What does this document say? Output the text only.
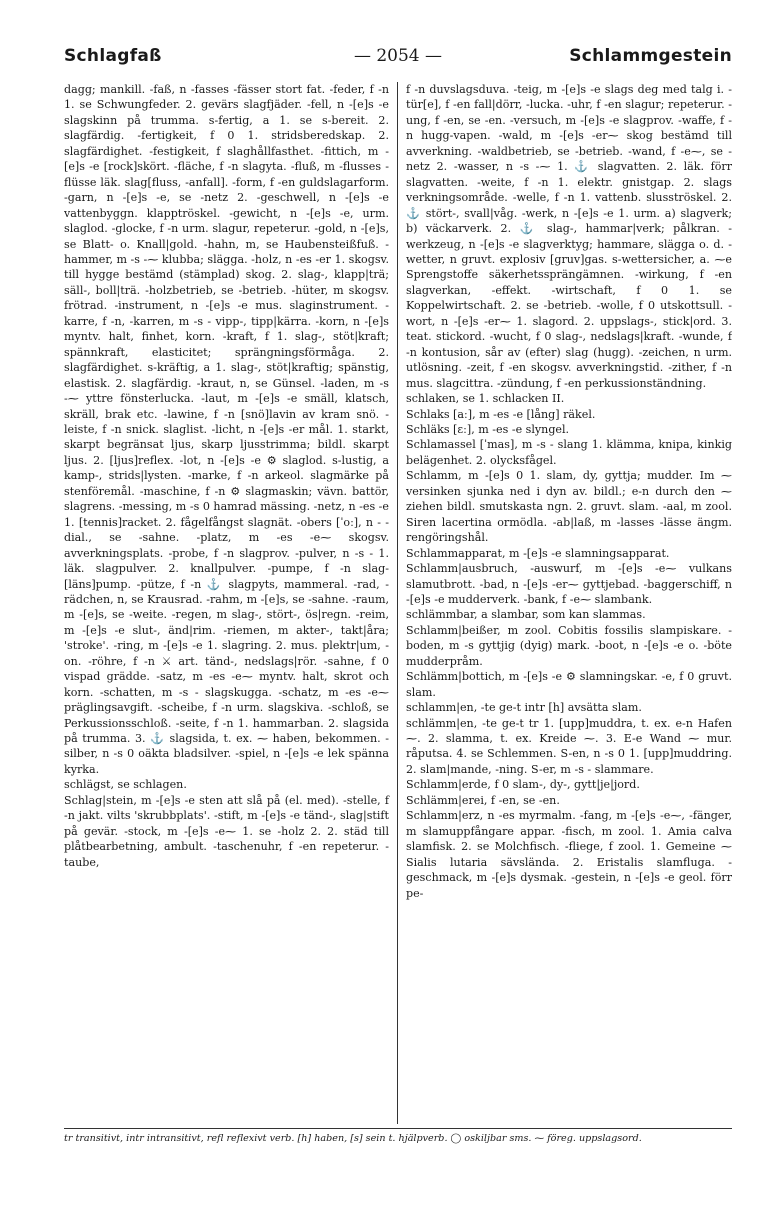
Schlagfaß	— 2054 —	Schlammgestein

dagg; mankill. -faß, n -fasses -fässer stort fat. -feder, f -n 1. se Schwungfeder. 2. gevärs slagfjäder. -fell, n -[e]s -e slagskinn på trumma. s-fertig, a 1. se s-bereit. 2. slagfärdig. -fertigkeit, f 0 1. stridsberedskap. 2. slagfärdighet. -festigkeit, f slaghållfasthet. -fittich, m -[e]s -e [rock]skört. -fläche, f -n slagyta. -fluß, m -flusses -flüsse läk. slag[fluss, -anfall]. -form, f -en guldslagarform. -garn, n -[e]s -e, se -netz 2. -geschwell, n -[e]s -e vattenbyggn. klapptröskel. -gewicht, n -[e]s -e, urm. slaglod. -glocke, f -n urm. slagur, repeterur. -gold, n -[e]s, se Blatt- o. Knall|gold. -hahn, m, se Haubensteißfuß. -hammer, m -s -⁓ klubba; slägga. -holz, n -es -er 1. skogsv. till hygge bestämd (stämplad) skog. 2. slag-, klapp|trä; säll-, boll|trä. -holzbetrieb, se -betrieb. -hüter, m skogsv. frötrad. -instrument, n -[e]s -e mus. slaginstrument. -karre, f -n, -karren, m -s - vipp-, tipp|kärra. -korn, n -[e]s myntv. halt, finhet, korn. -kraft, f 1. slag-, stöt|kraft; spännkraft, elasticitet; sprängningsförmåga. 2. slagfärdighet. s-kräftig, a 1. slag-, stöt|kraftig; spänstig, elastisk. 2. slagfärdig. -kraut, n, se Günsel. -laden, m -s -⁓ yttre fönsterlucka. -laut, m -[e]s -e smäll, klatsch, skräll, brak etc. -lawine, f -n [snö]lavin av kram snö. -leiste, f -n snick. slaglist. -licht, n -[e]s -er mål. 1. starkt, skarpt begränsat ljus, skarp ljusstrimma; bildl. skarpt ljus. 2. [ljus]reflex. -lot, n -[e]s -e ⚙ slaglod. s-lustig, a kamp-, strids|lysten. -marke, f -n arkeol. slagmärke på stenföremål. -maschine, f -n ⚙ slagmaskin; vävn. battör, slagrens. -messing, m -s 0 hamrad mässing. -netz, n -es -e 1. [tennis]racket. 2. fågelfångst slagnät. -obers [ˈoː], n - - dial., se -sahne. -platz, m -es -e⁓ skogsv. avverkningsplats. -probe, f -n slagprov. -pulver, n -s - 1. läk. slagpulver. 2. knallpulver. -pumpe, f -n slag-[läns]pump. -pütze, f -n ⚓ slagpyts, mammeral. -rad, -rädchen, n, se Krausrad. -rahm, m -[e]s, se -sahne. -raum, m -[e]s, se -weite. -regen, m slag-, stört-, ös|regn. -reim, m -[e]s -e slut-, änd|rim. -riemen, m akter-, takt|åra; 'stroke'. -ring, m -[e]s -e 1. slagring. 2. mus. plektr|um, -on. -röhre, f -n ⚔ art. tänd-, nedslags|rör. -sahne, f 0 vispad grädde. -satz, m -es -e⁓ myntv. halt, skrot och korn. -schatten, m -s - slagskugga. -schatz, m -es -e⁓ präglingsavgift. -scheibe, f -n urm. slagskiva. -schloß, se Perkussionsschloß. -seite, f -n 1. hammarban. 2. slagsida på trumma. 3. ⚓ slagsida, t. ex. ⁓ haben, bekommen. -silber, n -s 0 oäkta bladsilver. -spiel, n -[e]s -e lek spänna kyrka.

schlägst, se schlagen.

Schlag|stein, m -[e]s -e sten att slå på (el. med). -stelle, f -n jakt. vilts 'skrubbplats'. -stift, m -[e]s -e tänd-, slag|stift på gevär. -stock, m -[e]s -e⁓ 1. se -holz 2. 2. städ till plåtbearbetning, ambult. -taschenuhr, f -en repeterur. -taube,

f -n duvslagsduva. -teig, m -[e]s -e slags deg med talg i. -tür[e], f -en fall|dörr, -lucka. -uhr, f -en slagur; repeterur. -ung, f -en, se -en. -versuch, m -[e]s -e slagprov. -waffe, f -n hugg-vapen. -wald, m -[e]s -er⁓ skog bestämd till avverkning. -waldbetrieb, se -betrieb. -wand, f -e⁓, se -netz 2. -wasser, n -s -⁓ 1. ⚓ slagvatten. 2. läk. förr slagvatten. -weite, f -n 1. elektr. gnistgap. 2. slags verkningsområde. -welle, f -n 1. vattenb. slusströskel. 2. ⚓ stört-, svall|våg. -werk, n -[e]s -e 1. urm. a) slagverk; b) väckarverk. 2. ⚓ slag-, hammar|verk; pålkran. -werkzeug, n -[e]s -e slagverktyg; hammare, slägga o. d. -wetter, n gruvt. explosiv [gruv]gas. s-wettersicher, a. ⁓e Sprengstoffe säkerhetssprängämnen. -wirkung, f -en slagverkan, -effekt. -wirtschaft, f 0 1. se Koppelwirtschaft. 2. se -betrieb. -wolle, f 0 utskottsull. -wort, n -[e]s -er⁓ 1. slagord. 2. uppslags-, stick|ord. 3. teat. stickord. -wucht, f 0 slag-, nedslags|kraft. -wunde, f -n kontusion, sår av (efter) slag (hugg). -zeichen, n urm. utlösning. -zeit, f -en skogsv. avverkningstid. -zither, f -n mus. slagcittra. -zündung, f -en perkussionständning.

schlaken, se 1. schlacken II.

Schlaks [aː], m -es -e [lång] räkel.

Schläks [ɛː], m -es -e slyngel.

Schlamassel [ˈmas], m -s - slang 1. klämma, knipa, kinkig belägenhet. 2. olycksfågel.

Schlamm, m -[e]s 0 1. slam, dy, gyttja; mudder. Im ⁓ versinken sjunka ned i dyn av. bildl.; e-n durch den ⁓ ziehen bildl. smutskasta ngn. 2. gruvt. slam. -aal, m zool. Siren lacertina ormödla. -ab|laß, m -lasses -lässe ängm. rengöringshål.

Schlammapparat, m -[e]s -e slamningsapparat.

Schlamm|ausbruch, -auswurf, m -[e]s -e⁓ vulkans slamutbrott. -bad, n -[e]s -er⁓ gyttjebad. -baggerschiff, n -[e]s -e mudderverk. -bank, f -e⁓ slambank.

schlämmbar, a slambar, som kan slammas.

Schlamm|beißer, m zool. Cobitis fossilis slampiskare. -boden, m -s gyttjig (dyig) mark. -boot, n -[e]s -e o. -böte mudderpråm.

Schlämm|bottich, m -[e]s -e ⚙ slamningskar. -e, f 0 gruvt. slam.

schlamm|en, -te ge-t intr [h] avsätta slam.

schlämm|en, -te ge-t tr 1. [upp]muddra, t. ex. e-n Hafen ⁓. 2. slamma, t. ex. Kreide ⁓. 3. E-e Wand ⁓ mur. råputsa. 4. se Schlemmen. S-en, n -s 0 1. [upp]muddring. 2. slam|mande, -ning. S-er, m -s - slammare.

Schlamm|erde, f 0 slam-, dy-, gytt|je|jord.

Schlämm|erei, f -en, se -en.

Schlamm|erz, n -es myrmalm. -fang, m -[e]s -e⁓, -fänger, m slamuppfångare appar. -fisch, m zool. 1. Amia calva slamfisk. 2. se Molchfisch. -fliege, f zool. 1. Gemeine ⁓ Sialis lutaria sävslända. 2. Eristalis slamfluga. -geschmack, m -[e]s dysmak. -gestein, n -[e]s -e geol. förr pe-

tr transitivt, intr intransitivt, refl reflexivt verb. [h] haben, [s] sein t. hjälpverb. ◯ oskiljbar sms. ⁓ föreg. uppslagsord.
